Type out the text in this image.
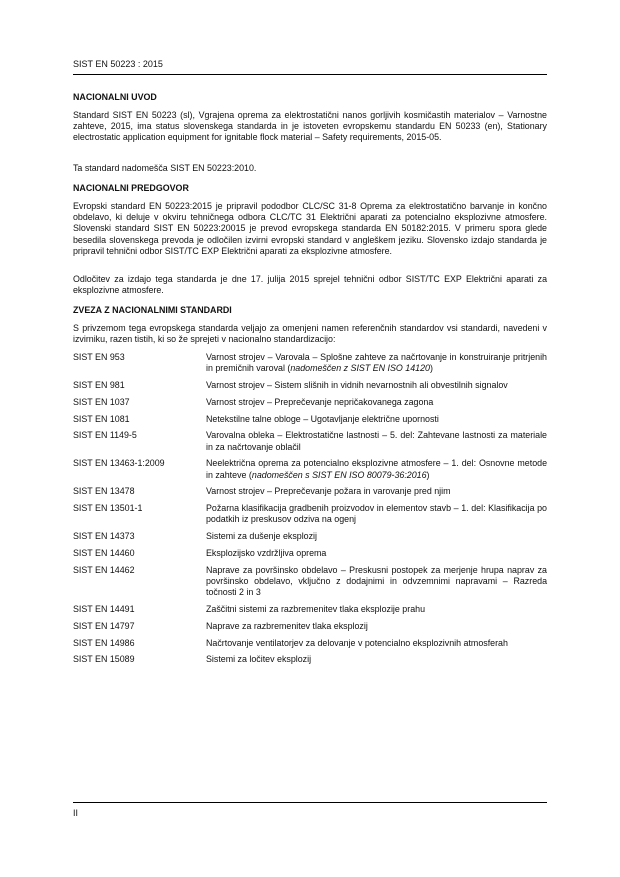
SIST EN 50223 : 2015
NACIONALNI UVOD

Standard SIST EN 50223 (sl), Vgrajena oprema za elektrostatični nanos gorljivih kosmičastih materialov – Varnostne zahteve, 2015, ima status slovenskega standarda in je istoveten evropskemu standardu EN 50233 (en), Stationary electrostatic application equipment for ignitable flock material – Safety requirements, 2015-05.

Ta standard nadomešča SIST EN 50223:2010.

NACIONALNI PREDGOVOR

Evropski standard EN 50223:2015 je pripravil pododbor CLC/SC 31-8 Oprema za elektrostatično barvanje in končno obdelavo, ki deluje v okviru tehničnega odbora CLC/TC 31 Električni aparati za potencialno eksplozivne atmosfere. Slovenski standard SIST EN 50223:20015 je prevod evropskega standarda EN 50182:2015. V primeru spora glede besedila slovenskega prevoda je odločilen izvirni evropski standard v angleškem jeziku. Slovensko izdajo standarda je pripravil tehnični odbor SIST/TC EXP Električni aparati za eksplozivne atmosfere.

Odločitev za izdajo tega standarda je dne 17. julija 2015 sprejel tehnični odbor SIST/TC EXP Električni aparati za eksplozivne atmosfere.

ZVEZA Z NACIONALNIMI STANDARDI

S privzemom tega evropskega standarda veljajo za omenjeni namen referenčnih standardov vsi standardi, navedeni v izvirniku, razen tistih, ki so že sprejeti v nacionalno standardizacijo:

SIST EN 953	Varnost strojev – Varovala – Splošne zahteve za načrtovanje in konstruiranje pritrjenih in premičnih varoval (nadomeščen z SIST EN ISO 14120)
SIST EN 981	Varnost strojev – Sistem slišnih in vidnih nevarnostnih ali obvestilnih signalov
SIST EN 1037	Varnost strojev – Preprečevanje nepričakovanega zagona
SIST EN 1081	Netekstilne talne obloge – Ugotavljanje električne upornosti
SIST EN 1149-5	Varovalna obleka – Elektrostatične lastnosti – 5. del: Zahtevane lastnosti za materiale in za načrtovanje oblačil
SIST EN 13463-1:2009	Neelektrična oprema za potencialno eksplozivne atmosfere – 1. del: Osnovne metode in zahteve (nadomeščen s SIST EN ISO 80079-36:2016)
SIST EN 13478	Varnost strojev – Preprečevanje požara in varovanje pred njim
SIST EN 13501-1	Požarna klasifikacija gradbenih proizvodov in elementov stavb – 1. del: Klasifikacija po podatkih iz preskusov odziva na ogenj
SIST EN 14373	Sistemi za dušenje eksplozij
SIST EN 14460	Eksplozijsko vzdržljiva oprema
SIST EN 14462	Naprave za površinsko obdelavo – Preskusni postopek za merjenje hrupa naprav za površinsko obdelavo, vključno z dodajnimi in odvzemnimi napravami – Razreda točnosti 2 in 3
SIST EN 14491	Zaščitni sistemi za razbremenitev tlaka eksplozije prahu
SIST EN 14797	Naprave za razbremenitev tlaka eksplozij
SIST EN 14986	Načrtovanje ventilatorjev za delovanje v potencialno eksplozivnih atmosferah
SIST EN 15089	Sistemi za ločitev eksplozij
II
